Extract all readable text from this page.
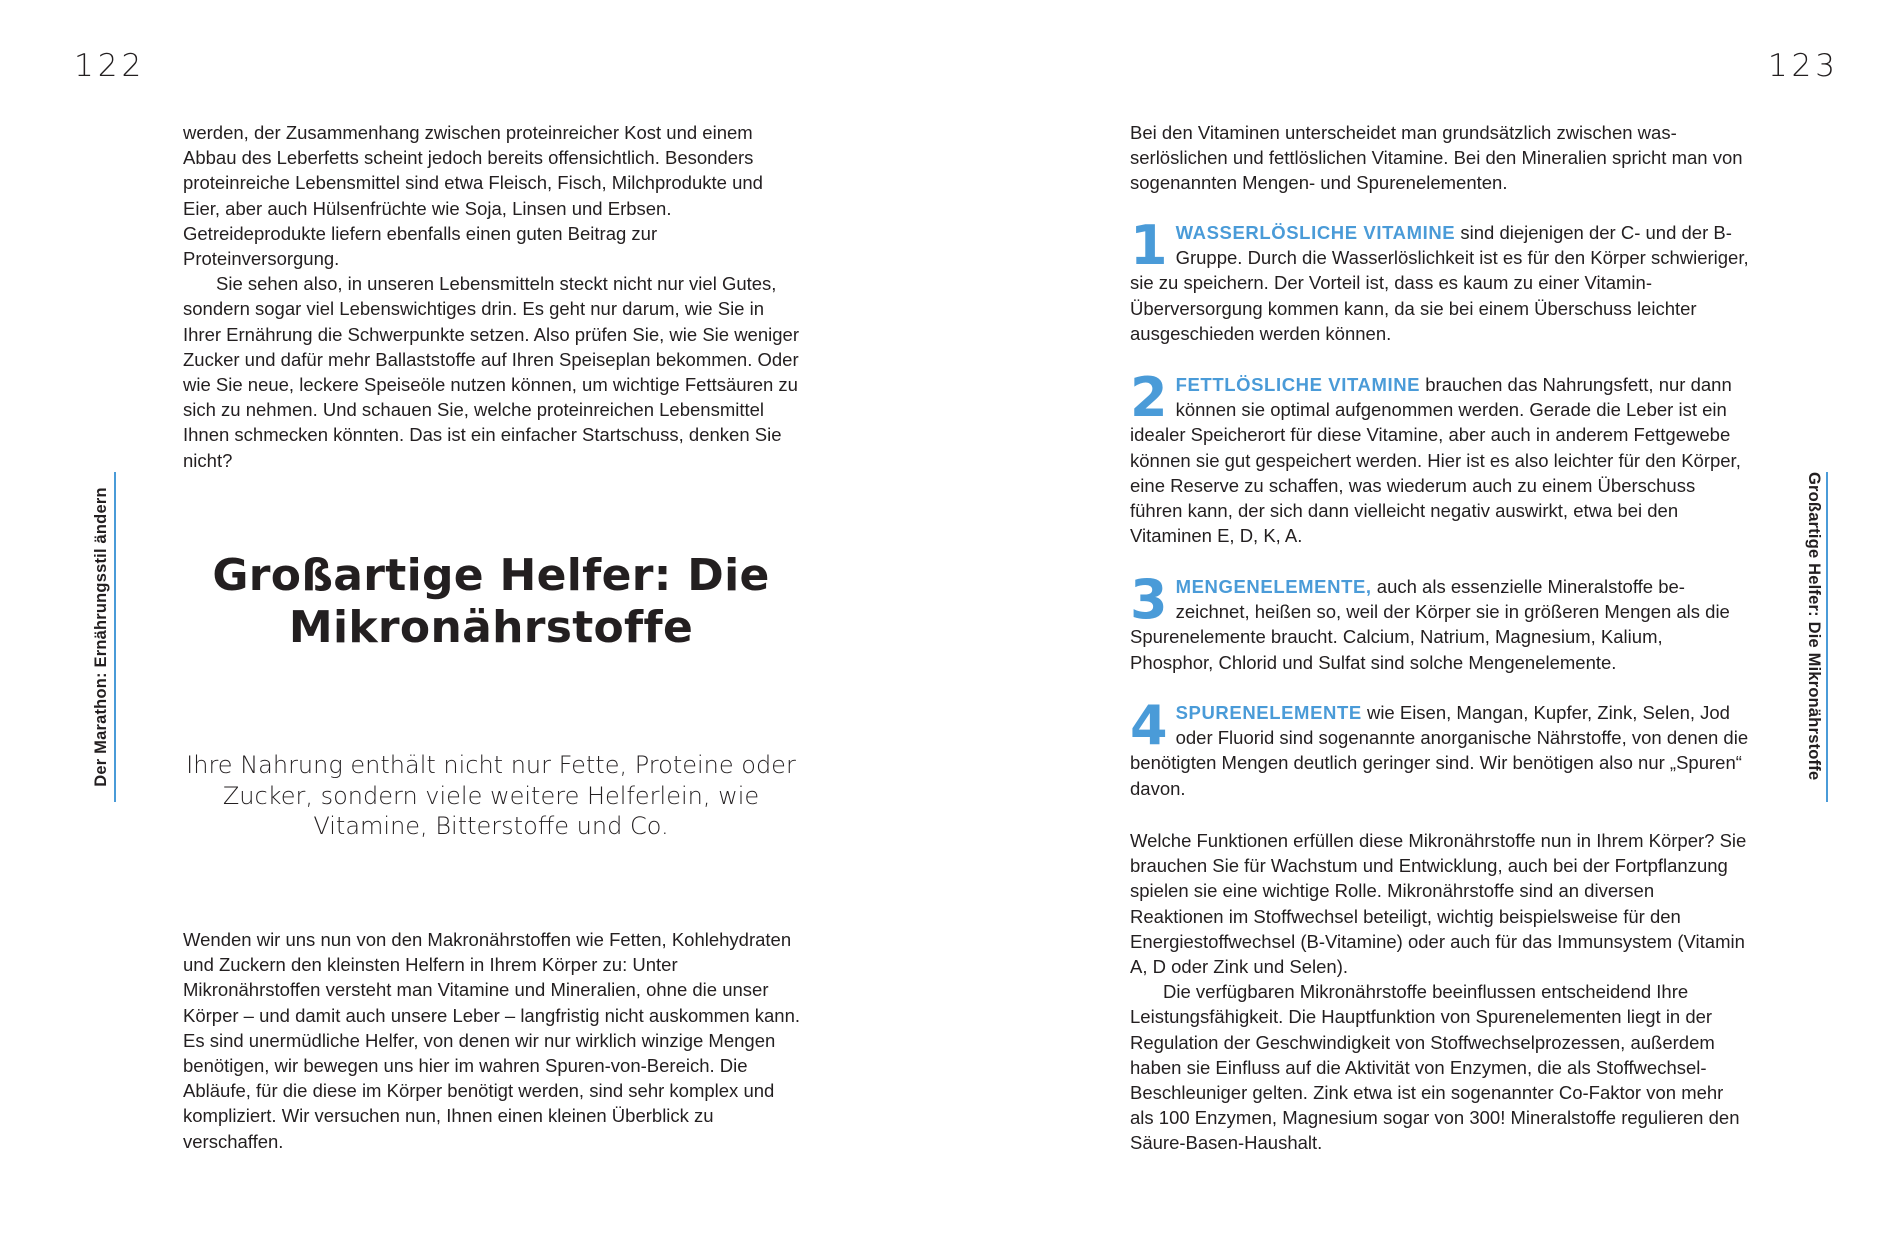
122
Der Marathon: Ernährungsstil ändern

werden, der Zusammenhang zwischen proteinreicher Kost und einem Abbau des Leberfetts scheint jedoch bereits offensichtlich. Besonders proteinreiche Lebensmittel sind etwa Fleisch, Fisch, Milchprodukte und Eier, aber auch Hülsenfrüchte wie Soja, Linsen und Erbsen. Getreideprodukte liefern ebenfalls einen guten Beitrag zur Proteinversorgung.

Sie sehen also, in unseren Lebensmitteln steckt nicht nur viel Gutes, sondern sogar viel Lebenswichtiges drin. Es geht nur darum, wie Sie in Ihrer Ernährung die Schwerpunkte setzen. Also prüfen Sie, wie Sie weniger Zucker und dafür mehr Ballaststoffe auf Ihren Speiseplan bekommen. Oder wie Sie neue, leckere Speiseöle nutzen können, um wichtige Fettsäuren zu sich zu nehmen. Und schauen Sie, welche proteinreichen Lebensmittel Ihnen schmecken könnten. Das ist ein einfacher Startschuss, denken Sie nicht?

Großartige Helfer: Die Mikronährstoffe
Ihre Nahrung enthält nicht nur Fette, Proteine oder Zucker, sondern viele weitere Helferlein, wie Vitamine, Bitterstoffe und Co.

Wenden wir uns nun von den Makronährstoffen wie Fetten, Kohlehydraten und Zuckern den kleinsten Helfern in Ihrem Körper zu: Unter Mikronährstoffen versteht man Vitamine und Mineralien, ohne die unser Körper – und damit auch unsere Leber – langfristig nicht auskommen kann. Es sind unermüdliche Helfer, von denen wir nur wirklich winzige Mengen benötigen, wir bewegen uns hier im wahren Spuren-von-Bereich. Die Abläufe, für die diese im Körper benötigt werden, sind sehr komplex und kompliziert. Wir versuchen nun, Ihnen einen kleinen Überblick zu verschaffen.

123
Großartige Helfer: Die Mikronährstoffe

Bei den Vitaminen unterscheidet man grundsätzlich zwischen wasserlöslichen und fettlöslichen Vitamine. Bei den Mineralien spricht man von sogenannten Mengen- und Spurenelementen.

1 WASSERLÖSLICHE VITAMINE sind diejenigen der C- und der B-Gruppe. Durch die Wasserlöslichkeit ist es für den Körper schwieriger, sie zu speichern. Der Vorteil ist, dass es kaum zu einer Vitamin-Überversorgung kommen kann, da sie bei einem Überschuss leichter ausgeschieden werden können.
2 FETTLÖSLICHE VITAMINE brauchen das Nahrungsfett, nur dann können sie optimal aufgenommen werden. Gerade die Leber ist ein idealer Speicherort für diese Vitamine, aber auch in anderem Fettgewebe können sie gut gespeichert werden. Hier ist es also leichter für den Körper, eine Reserve zu schaffen, was wiederum auch zu einem Überschuss führen kann, der sich dann vielleicht negativ auswirkt, etwa bei den Vitaminen E, D, K, A.
3 MENGENELEMENTE, auch als essenzielle Mineralstoffe bezeichnet, heißen so, weil der Körper sie in größeren Mengen als die Spurenelemente braucht. Calcium, Natrium, Magnesium, Kalium, Phosphor, Chlorid und Sulfat sind solche Mengenelemente.
4 SPURENELEMENTE wie Eisen, Mangan, Kupfer, Zink, Selen, Jod oder Fluorid sind sogenannte anorganische Nährstoffe, von denen die benötigten Mengen deutlich geringer sind. Wir benötigen also nur „Spuren“ davon.

Welche Funktionen erfüllen diese Mikronährstoffe nun in Ihrem Körper? Sie brauchen Sie für Wachstum und Entwicklung, auch bei der Fortpflanzung spielen sie eine wichtige Rolle. Mikronährstoffe sind an diversen Reaktionen im Stoffwechsel beteiligt, wichtig beispielsweise für den Energiestoffwechsel (B-Vitamine) oder auch für das Immunsystem (Vitamin A, D oder Zink und Selen).

Die verfügbaren Mikronährstoffe beeinflussen entscheidend Ihre Leistungsfähigkeit. Die Hauptfunktion von Spurenelementen liegt in der Regulation der Geschwindigkeit von Stoffwechselprozessen, außerdem haben sie Einfluss auf die Aktivität von Enzymen, die als Stoffwechsel-Beschleuniger gelten. Zink etwa ist ein sogenannter Co-Faktor von mehr als 100 Enzymen, Magnesium sogar von 300! Mineralstoffe regulieren den Säure-Basen-Haushalt.
